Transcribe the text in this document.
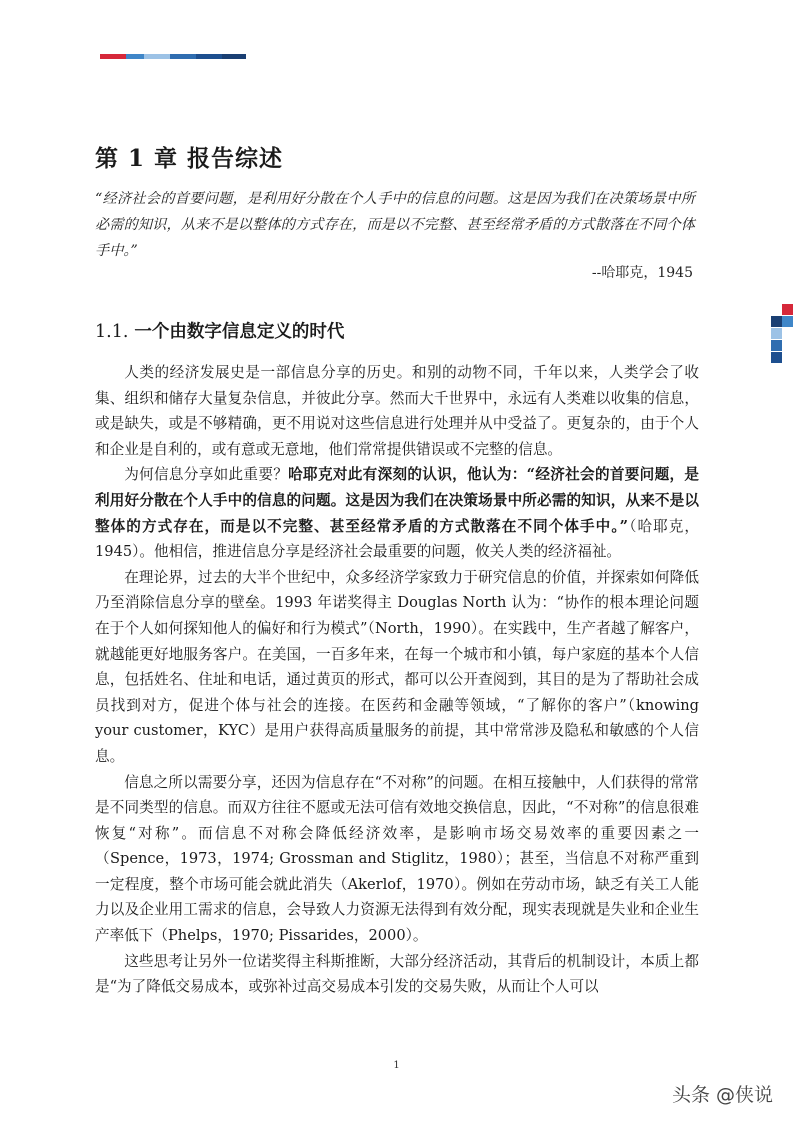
第 1 章 报告综述
“经济社会的首要问题，是利用好分散在个人手中的信息的问题。这是因为我们在决策场景中所必需的知识，从来不是以整体的方式存在，而是以不完整、甚至经常矛盾的方式散落在不同个体手中。”
--哈耶克，1945
1.1. 一个由数字信息定义的时代

人类的经济发展史是一部信息分享的历史。和别的动物不同，千年以来，人类学会了收集、组织和储存大量复杂信息，并彼此分享。然而大千世界中，永远有人类难以收集的信息，或是缺失，或是不够精确，更不用说对这些信息进行处理并从中受益了。更复杂的，由于个人和企业是自利的，或有意或无意地，他们常常提供错误或不完整的信息。

为何信息分享如此重要？哈耶克对此有深刻的认识，他认为：“经济社会的首要问题，是利用好分散在个人手中的信息的问题。这是因为我们在决策场景中所必需的知识，从来不是以整体的方式存在，而是以不完整、甚至经常矛盾的方式散落在不同个体手中。”（哈耶克，1945）。他相信，推进信息分享是经济社会最重要的问题，攸关人类的经济福祉。

在理论界，过去的大半个世纪中，众多经济学家致力于研究信息的价值，并探索如何降低乃至消除信息分享的壁垒。1993 年诺奖得主 Douglas North 认为：“协作的根本理论问题在于个人如何探知他人的偏好和行为模式”（North，1990）。在实践中，生产者越了解客户，就越能更好地服务客户。在美国，一百多年来，在每一个城市和小镇，每户家庭的基本个人信息，包括姓名、住址和电话，通过黄页的形式，都可以公开查阅到，其目的是为了帮助社会成员找到对方，促进个体与社会的连接。在医药和金融等领域，“了解你的客户”（knowing your customer，KYC）是用户获得高质量服务的前提，其中常常涉及隐私和敏感的个人信息。

信息之所以需要分享，还因为信息存在“不对称”的问题。在相互接触中，人们获得的常常是不同类型的信息。而双方往往不愿或无法可信有效地交换信息，因此，“不对称”的信息很难恢复“对称”。而信息不对称会降低经济效率，是影响市场交易效率的重要因素之一（Spence，1973，1974; Grossman and Stiglitz，1980）；甚至，当信息不对称严重到一定程度，整个市场可能会就此消失（Akerlof，1970）。例如在劳动市场，缺乏有关工人能力以及企业用工需求的信息，会导致人力资源无法得到有效分配，现实表现就是失业和企业生产率低下（Phelps，1970; Pissarides，2000）。

这些思考让另外一位诺奖得主科斯推断，大部分经济活动，其背后的机制设计，本质上都是“为了降低交易成本，或弥补过高交易成本引发的交易失败，从而让个人可以

1
头条 @侠说
